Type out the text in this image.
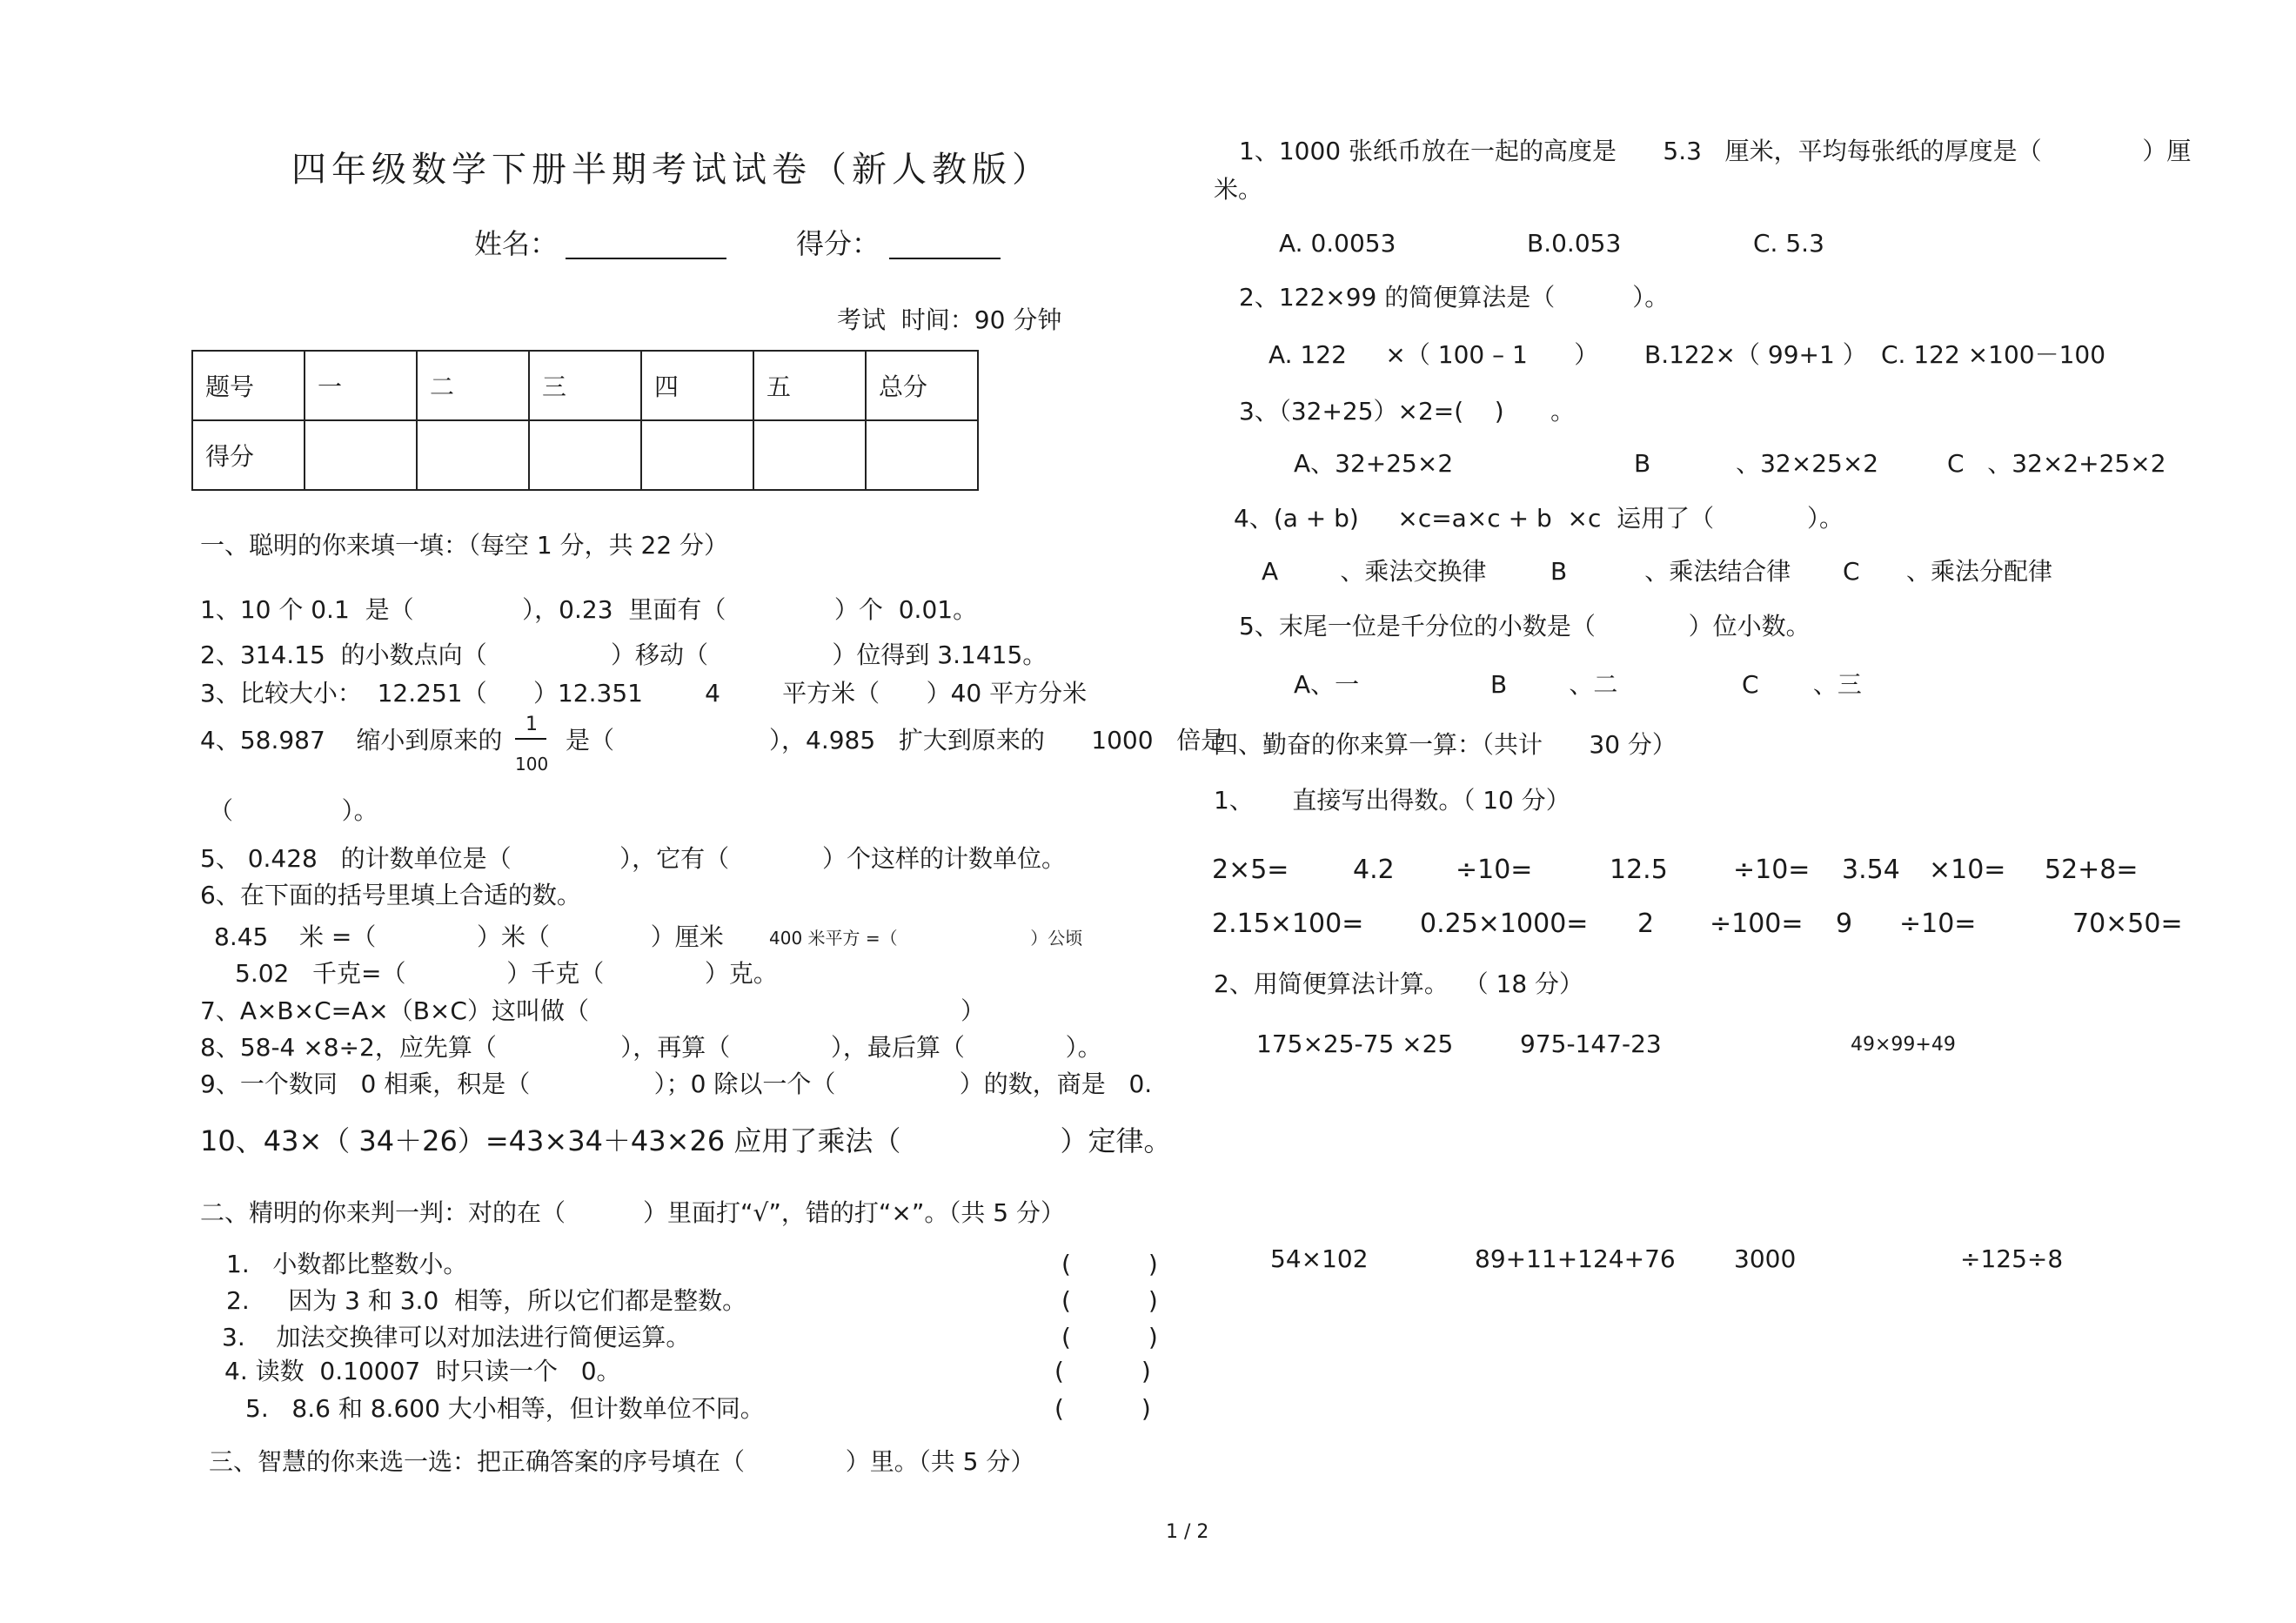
四年级数学下册半期考试试卷（新人教版）
姓名：	得分：
考试  时间：90 分钟
题号	一	二	三	四	五	总分
得分						
一、聪明的你来填一填：（每空 1 分，共 22 分）
1、10 个 0.1  是（              ），0.23  里面有（              ）个  0.01。
2、314.15  的小数点向（                ）移动（                ）位得到 3.1415。
3、比较大小：  12.251（      ）12.351        4        平方米（      ）40 平方分米
4、58.987    缩小到原来的
1
100
是（                    ），4.985   扩大到原来的      1000   倍是
（              ）。
5、 0.428   的计数单位是（              ），它有（            ）个这样的计数单位。
6、在下面的括号里填上合适的数。
8.45    米 =（             ）米（             ）厘米	400 米平方 =（                        ）公顷
5.02   千克=（             ）千克（             ）克。
7、A×B×C=A×（B×C）这叫做（                                                ）
8、58-4 ×8÷2，应先算（                ），再算（             ），最后算（             ）。
9、一个数同   0 相乘，积是（                ）；0 除以一个（                ）的数，商是   0.
10、43×（ 34＋26）=43×34＋43×26 应用了乘法（                  ）定律。
二、精明的你来判一判：对的在（          ）里面打“√”，错的打“×”。（共 5 分）
1.   小数都比整数小。	(          )
2.     因为 3 和 3.0  相等，所以它们都是整数。	(          )
3.    加法交换律可以对加法进行简便运算。	(          )
4. 读数  0.10007  时只读一个   0。	(          )
5.   8.6 和 8.600 大小相等，但计数单位不同。	(          )
三、智慧的你来选一选：把正确答案的序号填在（             ）里。（共 5 分）
1、1000 张纸币放在一起的高度是      5.3   厘米，平均每张纸的厚度是（             ）厘
米。
A. 0.0053	B.0.053	C. 5.3
2、122×99 的简便算法是（          ）。
A. 122     ×（ 100 – 1      ） B.122×（ 99+1 ） C. 122 ×100－100
3、（32+25）×2=(    )      。
A、32+25×2	B           、32×25×2	C   、32×2+25×2
4、(a + b)     ×c=a×c + b  ×c  运用了（            ）。
A        、乘法交换律	B          、乘法结合律 C      、乘法分配律
5、末尾一位是千分位的小数是（            ）位小数。
A、一	B        、二	C       、三
四、勤奋的你来算一算：（共计      30 分）
1、     直接写出得数。（ 10 分）
2×5= 4.2 ÷10=	12.5	÷10= 3.54 ×10= 52+8=
2.15×100= 0.25×1000= 2 ÷100= 9 ÷10=	70×50=
2、用简便算法计算。  （ 18 分）
175×25-75 ×25	975-147-23	49×99+49
54×102	89+11+124+76 3000	÷125÷8
1 / 2
